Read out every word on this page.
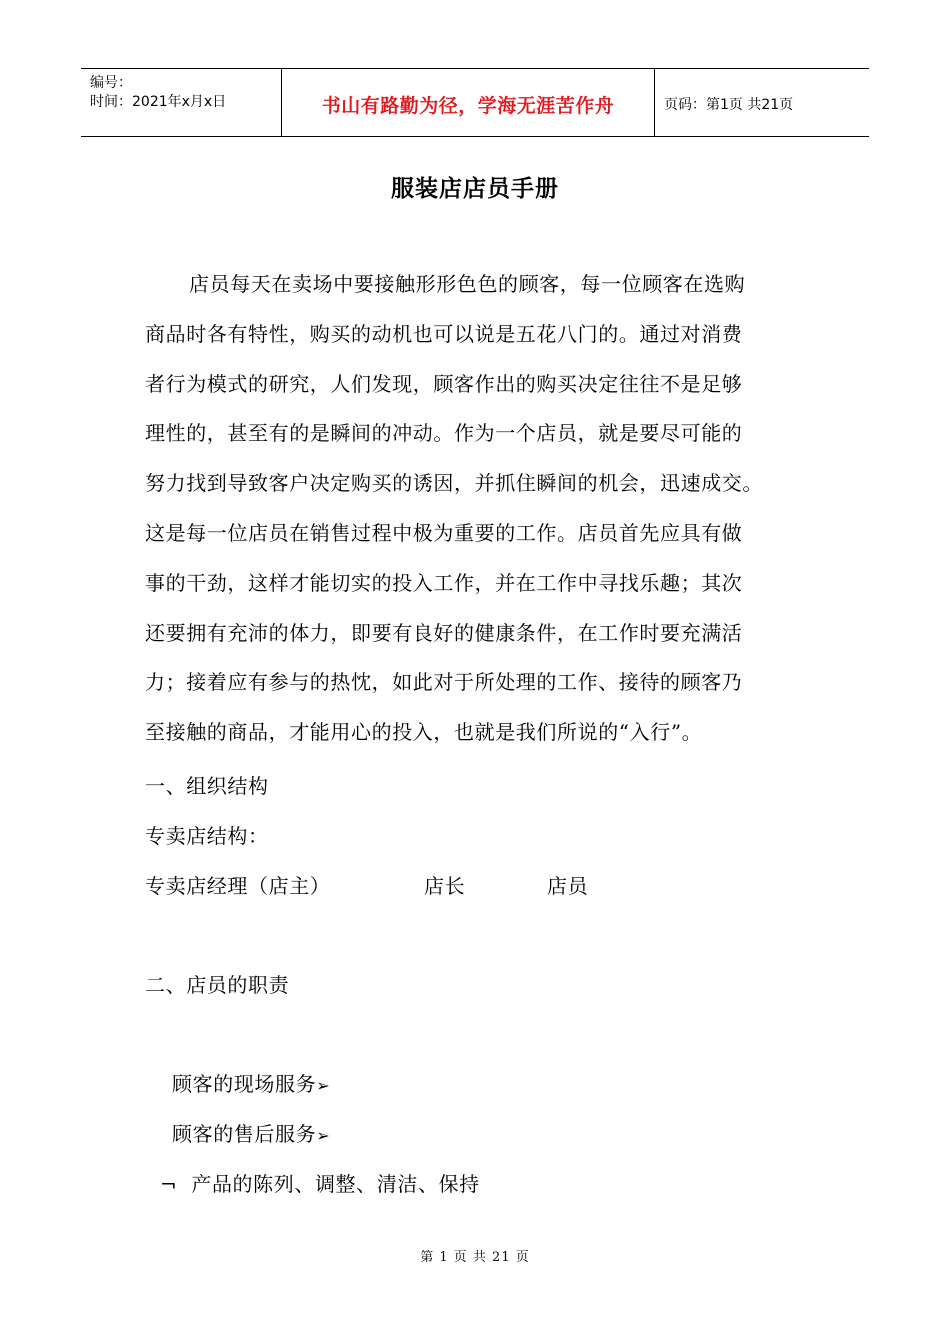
编号：
时间：2021年x月x日	书山有路勤为径，学海无涯苦作舟	页码：第1页 共21页
服装店店员手册
店员每天在卖场中要接触形形色色的顾客，每一位顾客在选购
商品时各有特性，购买的动机也可以说是五花八门的。通过对消费
者行为模式的研究，人们发现，顾客作出的购买决定往往不是足够
理性的，甚至有的是瞬间的冲动。作为一个店员，就是要尽可能的
努力找到导致客户决定购买的诱因，并抓住瞬间的机会，迅速成交。
这是每一位店员在销售过程中极为重要的工作。店员首先应具有做
事的干劲，这样才能切实的投入工作，并在工作中寻找乐趣；其次
还要拥有充沛的体力，即要有良好的健康条件，在工作时要充满活
力；接着应有参与的热忱，如此对于所处理的工作、接待的顾客乃
至接触的商品，才能用心的投入，也就是我们所说的“入行”。
一、组织结构
专卖店结构：
专卖店经理（店主）	店长	店员
二、店员的职责
顾客的现场服务➢
顾客的售后服务➢
¬ 产品的陈列、调整、清洁、保持
第 1 页 共 21 页
